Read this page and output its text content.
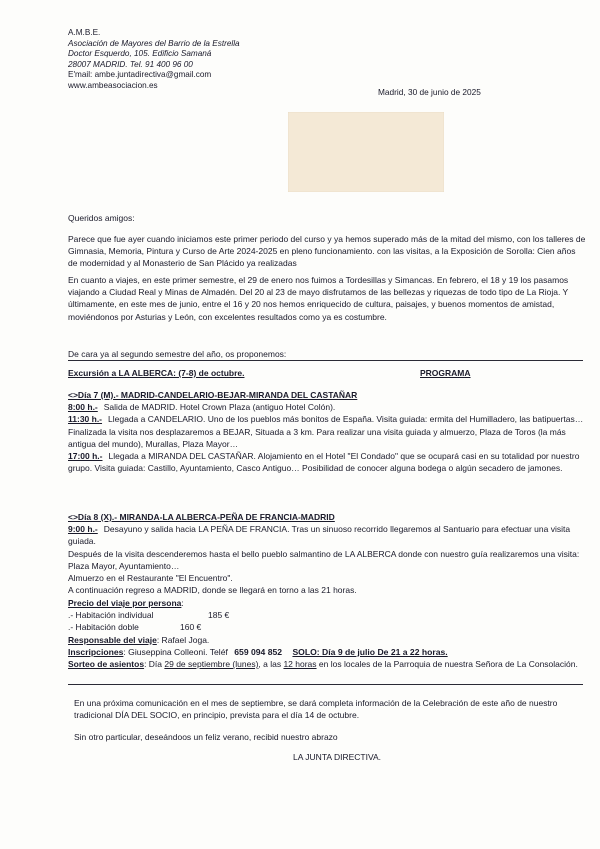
A.M.B.E.
Asociación de Mayores del Barrio de la Estrella
Doctor Esquerdo, 105. Edificio Samaná
28007 MADRID. Tel. 91 400 96 00
E'mail: ambe.juntadirectiva@gmail.com
www.ambeasociacion.es
Madrid, 30 de junio de 2025
Queridos amigos:
Parece que fue ayer cuando iniciamos este primer periodo del curso y ya hemos superado más de la mitad del mismo, con los talleres de Gimnasia, Memoria, Pintura y Curso de Arte 2024-2025 en pleno funcionamiento. con las visitas, a la Exposición de Sorolla: Cien años de modernidad y al Monasterio de San Plácido ya realizadas
En cuanto a viajes, en este primer semestre, el 29 de enero nos fuimos a Tordesillas y Simancas. En febrero, el 18 y 19 los pasamos viajando a Ciudad Real y Minas de Almadén. Del 20 al 23 de mayo disfrutamos de las bellezas y riquezas de todo tipo de La Rioja. Y últimamente, en este mes de junio, entre el 16 y 20 nos hemos enriquecido de cultura, paisajes, y buenos momentos de amistad, moviéndonos por Asturias y León, con excelentes resultados como ya es costumbre.
De cara ya al segundo semestre del año, os proponemos:
Excursión a LA ALBERCA: (7-8) de octubre.	PROGRAMA
<>Día 7 (M).- MADRID-CANDELARIO-BEJAR-MIRANDA DEL CASTAÑAR
8:00 h.- Salida de MADRID. Hotel Crown Plaza (antiguo Hotel Colón).
11:30 h.- Llegada a CANDELARIO. Uno de los pueblos más bonitos de España. Visita guiada: ermita del Humilladero, las batipuertas…
Finalizada la visita nos desplazaremos a BEJAR, Situada a 3 km. Para realizar una visita guiada y almuerzo, Plaza de Toros (la más antigua del mundo), Murallas, Plaza Mayor…
17:00 h.- Llegada a MIRANDA DEL CASTAÑAR. Alojamiento en el Hotel "El Condado" que se ocupará casi en su totalidad por nuestro grupo. Visita guiada: Castillo, Ayuntamiento, Casco Antiguo… Posibilidad de conocer alguna bodega o algún secadero de jamones.
<>Día 8 (X).- MIRANDA-LA ALBERCA-PEÑA DE FRANCIA-MADRID
9:00 h.- Desayuno y salida hacia LA PEÑA DE FRANCIA. Tras un sinuoso recorrido llegaremos al Santuario para efectuar una visita guiada.
Después de la visita descenderemos hasta el bello pueblo salmantino de LA ALBERCA donde con nuestro guía realizaremos una visita: Plaza Mayor, Ayuntamiento…
Almuerzo en el Restaurante "El Encuentro".
A continuación regreso a MADRID, donde se llegará en torno a las 21 horas.
Precio del viaje por persona:
.- Habitación individual	185 €
.- Habitación doble	160 €
Responsable del viaje: Rafael Joga.
Inscripciones: Giuseppina Colleoni. Teléf 659 094 852 SOLO: Día 9 de julio De 21 a 22 horas.
Sorteo de asientos: Día 29 de septiembre (lunes), a las 12 horas en los locales de la Parroquia de nuestra Señora de La Consolación.
En una próxima comunicación en el mes de septiembre, se dará completa información de la Celebración de este año de nuestro tradicional DÍA DEL SOCIO, en principio, prevista para el día 14 de octubre.
Sin otro particular, deseándoos un feliz verano, recibid nuestro abrazo
LA JUNTA DIRECTIVA.
